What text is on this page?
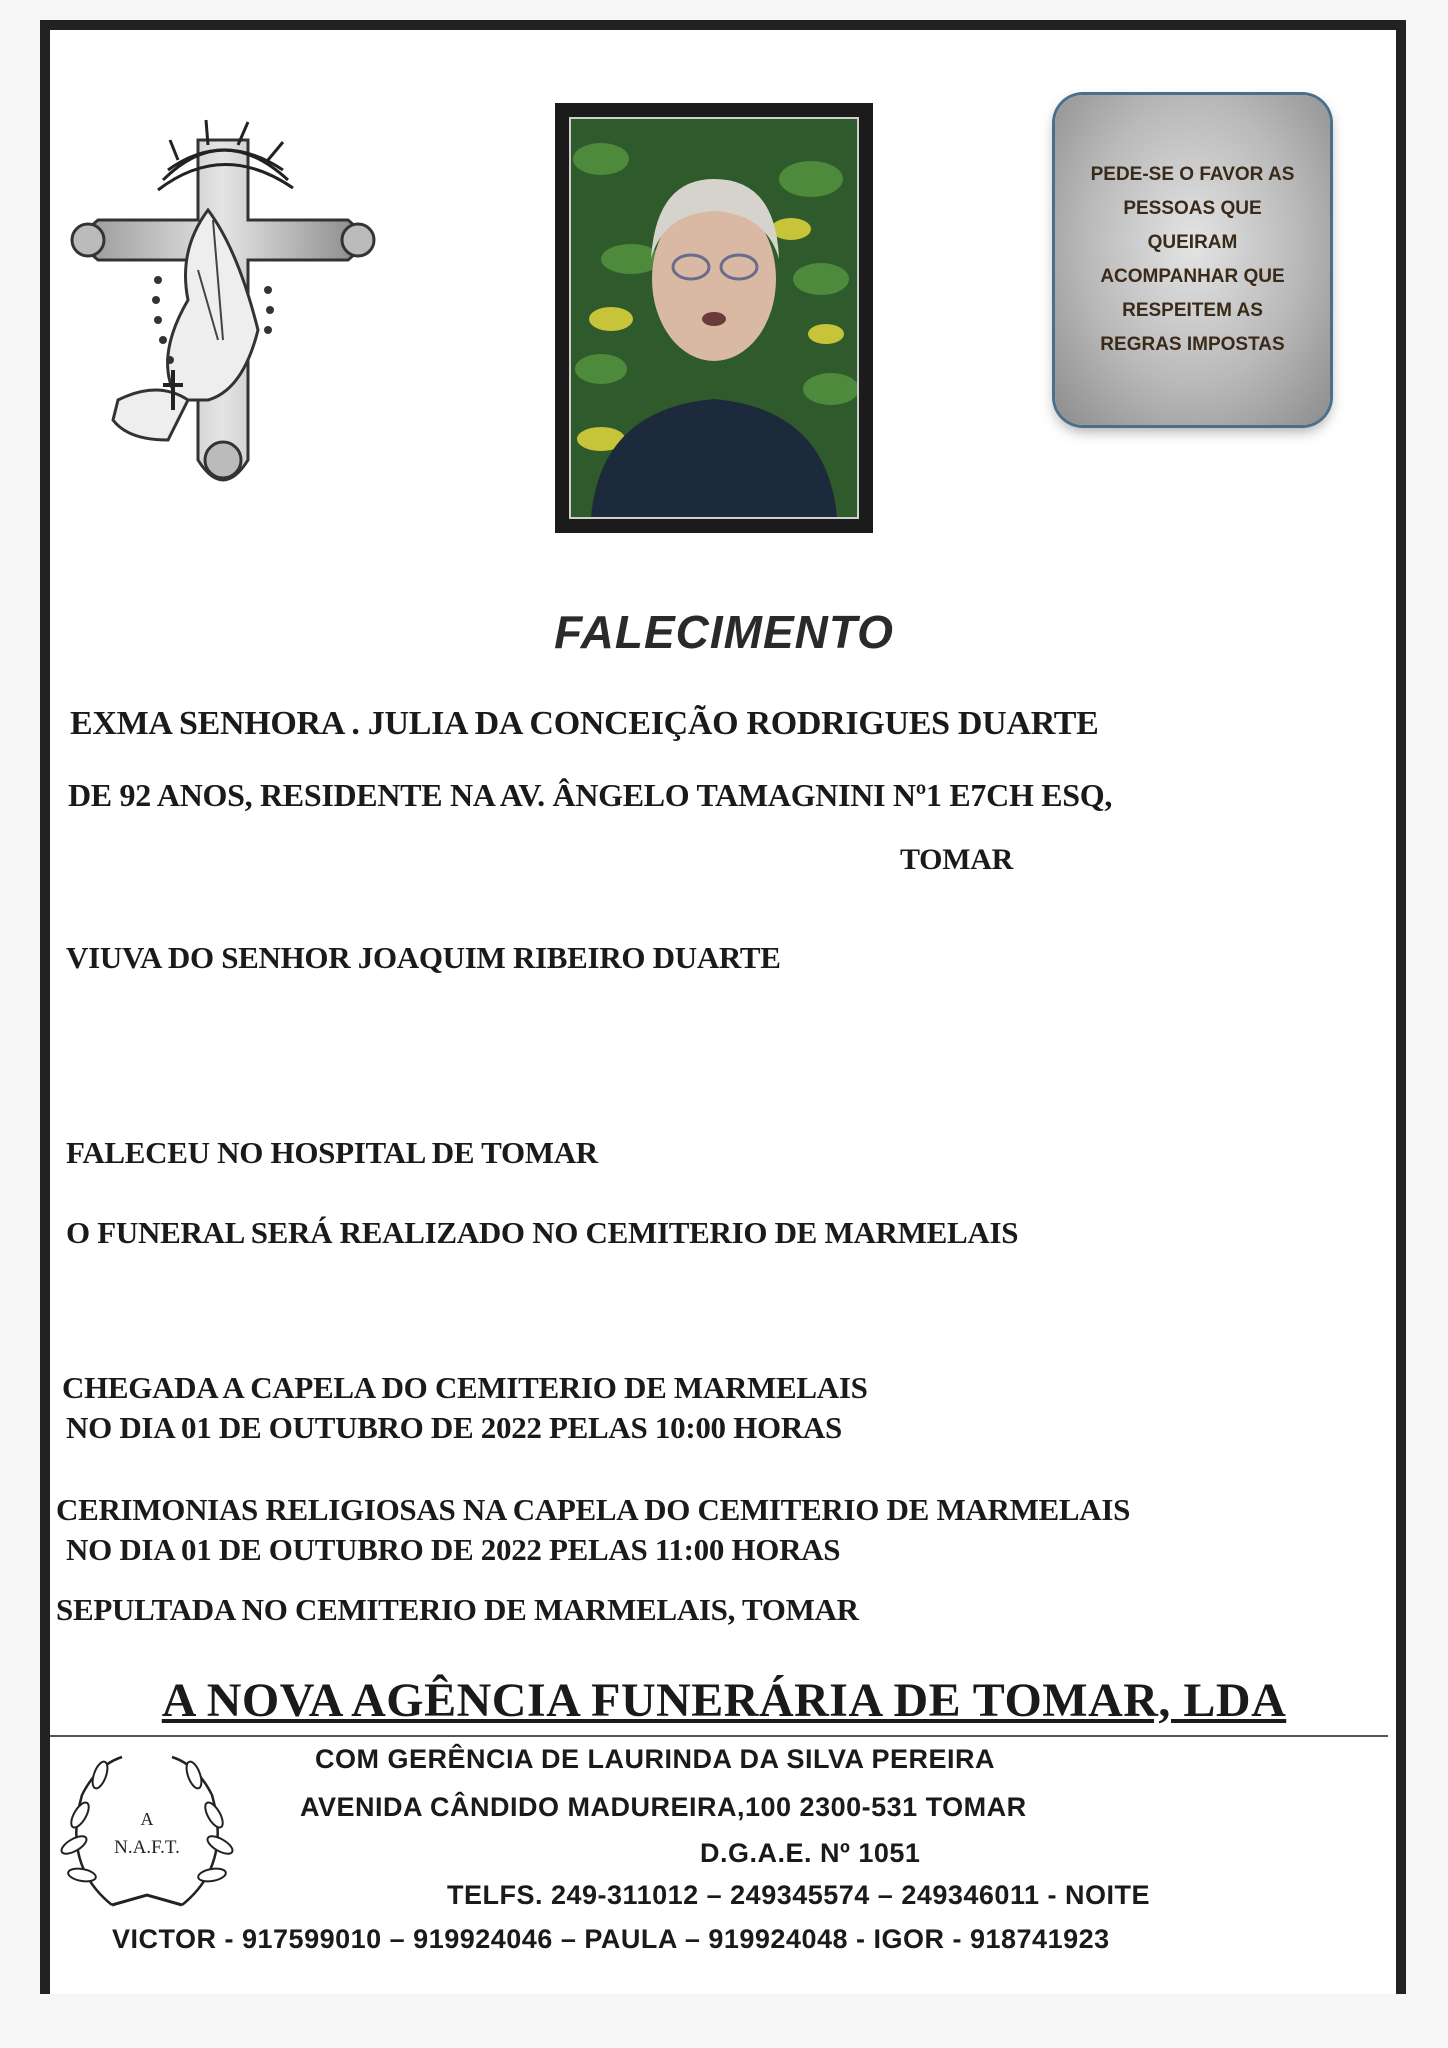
PEDE-SE O FAVOR AS
PESSOAS QUE
QUEIRAM
ACOMPANHAR QUE
RESPEITEM AS
REGRAS IMPOSTAS
FALECIMENTO
EXMA SENHORA . JULIA DA CONCEIÇÃO RODRIGUES DUARTE
DE 92 ANOS, RESIDENTE NA AV. ÂNGELO TAMAGNINI Nº1 E7CH ESQ,
TOMAR
VIUVA DO SENHOR JOAQUIM RIBEIRO DUARTE
FALECEU NO HOSPITAL DE TOMAR
O FUNERAL SERÁ REALIZADO NO CEMITERIO DE MARMELAIS
CHEGADA A CAPELA DO CEMITERIO DE MARMELAIS
NO DIA 01 DE OUTUBRO DE 2022 PELAS 10:00 HORAS
CERIMONIAS RELIGIOSAS NA CAPELA DO CEMITERIO DE MARMELAIS
NO DIA 01 DE OUTUBRO DE 2022 PELAS 11:00 HORAS
SEPULTADA NO CEMITERIO DE MARMELAIS, TOMAR
A NOVA AGÊNCIA FUNERÁRIA DE TOMAR, LDA
A
N.A.F.T.
COM GERÊNCIA DE LAURINDA DA SILVA PEREIRA
AVENIDA CÂNDIDO MADUREIRA,100 2300-531 TOMAR
D.G.A.E. Nº 1051
TELFS. 249-311012 – 249345574 – 249346011 - NOITE
VICTOR - 917599010 – 919924046 – PAULA – 919924048 - IGOR - 918741923
